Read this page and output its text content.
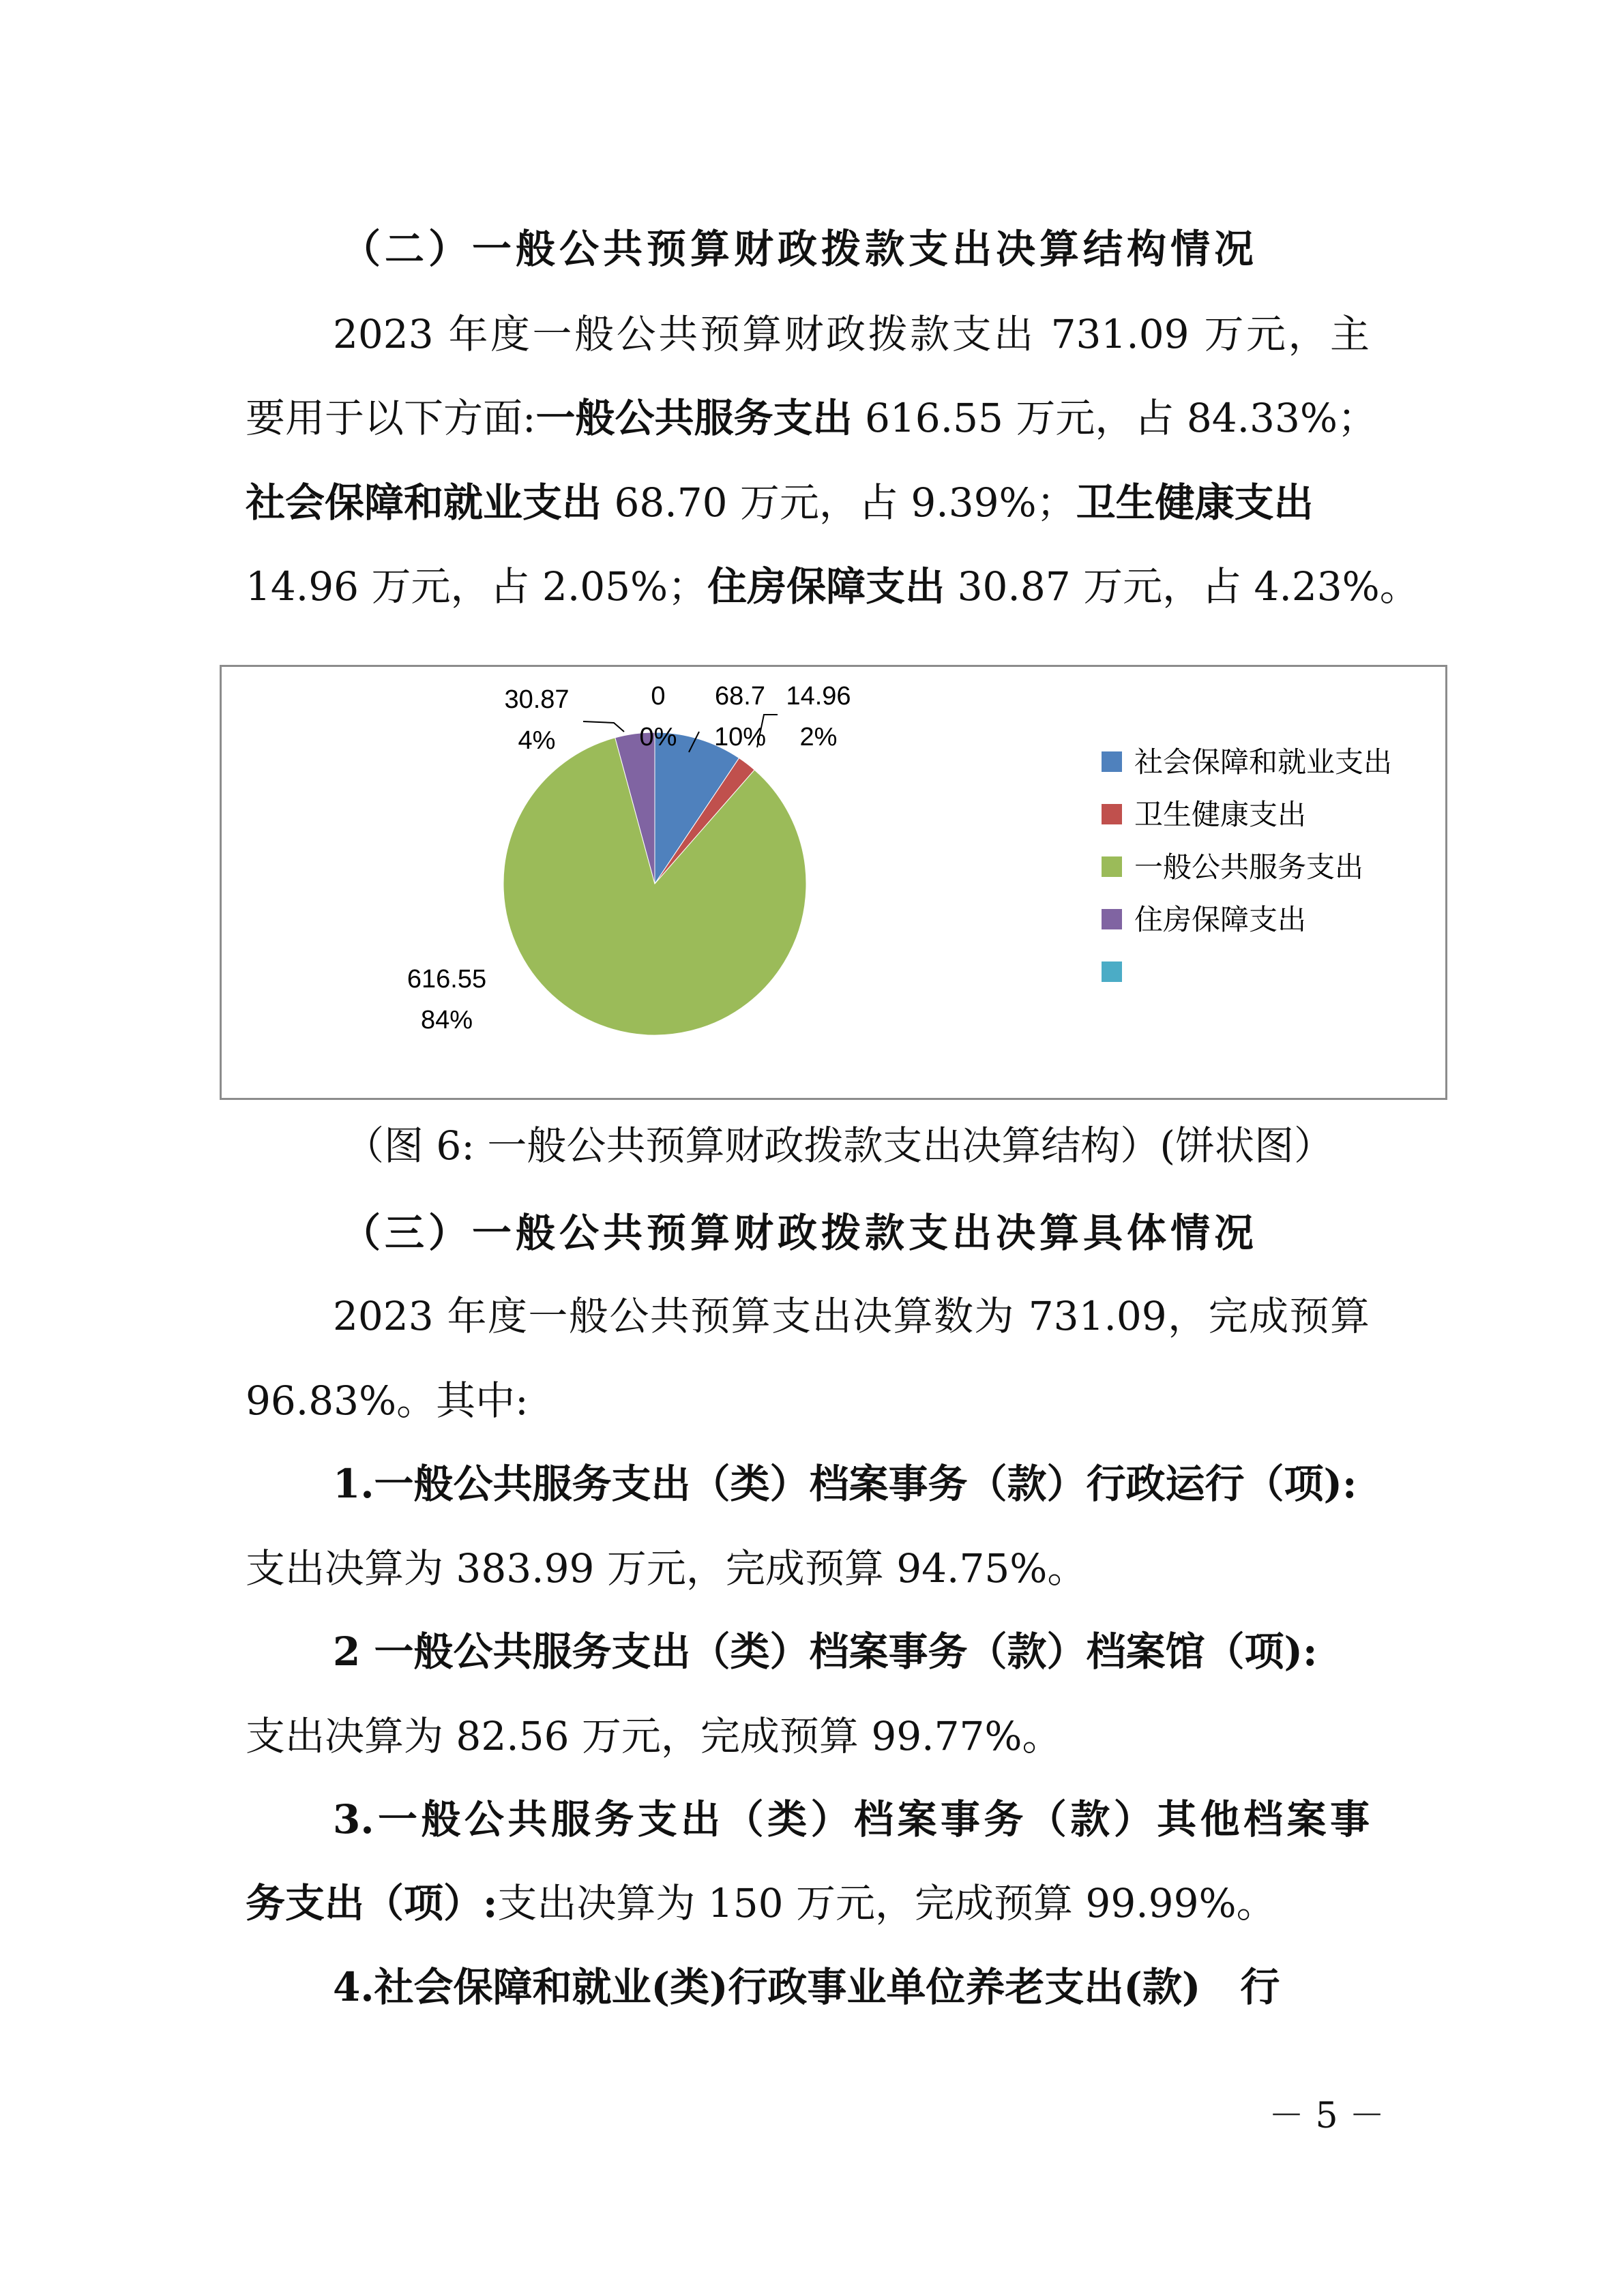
（二）一般公共预算财政拨款支出决算结构情况
2023 年度一般公共预算财政拨款支出 731.09 万元，主
要用于以下方面:一般公共服务支出 616.55 万元，占 84.33%；
社会保障和就业支出 68.70 万元，占 9.39%；卫生健康支出
14.96 万元，占 2.05%；住房保障支出 30.87 万元，占 4.23%。
68.7
10%
14.96
2%
616.55
84%
30.87
4%
0
0%
社会保障和就业支出
卫生健康支出
一般公共服务支出
住房保障支出
（图 6: 一般公共预算财政拨款支出决算结构）(饼状图）
（三）一般公共预算财政拨款支出决算具体情况
2023 年度一般公共预算支出决算数为 731.09，完成预算
96.83%。其中:
1.一般公共服务支出（类）档案事务（款）行政运行（项):
支出决算为 383.99 万元，完成预算 94.75%。
2 一般公共服务支出（类）档案事务（款）档案馆（项):
支出决算为 82.56 万元，完成预算 99.77%。
3.一般公共服务支出（类）档案事务（款）其他档案事
务支出（项）:支出决算为 150 万元，完成预算 99.99%。
4.社会保障和就业(类)行政事业单位养老支出(款)　行
－ 5 －
